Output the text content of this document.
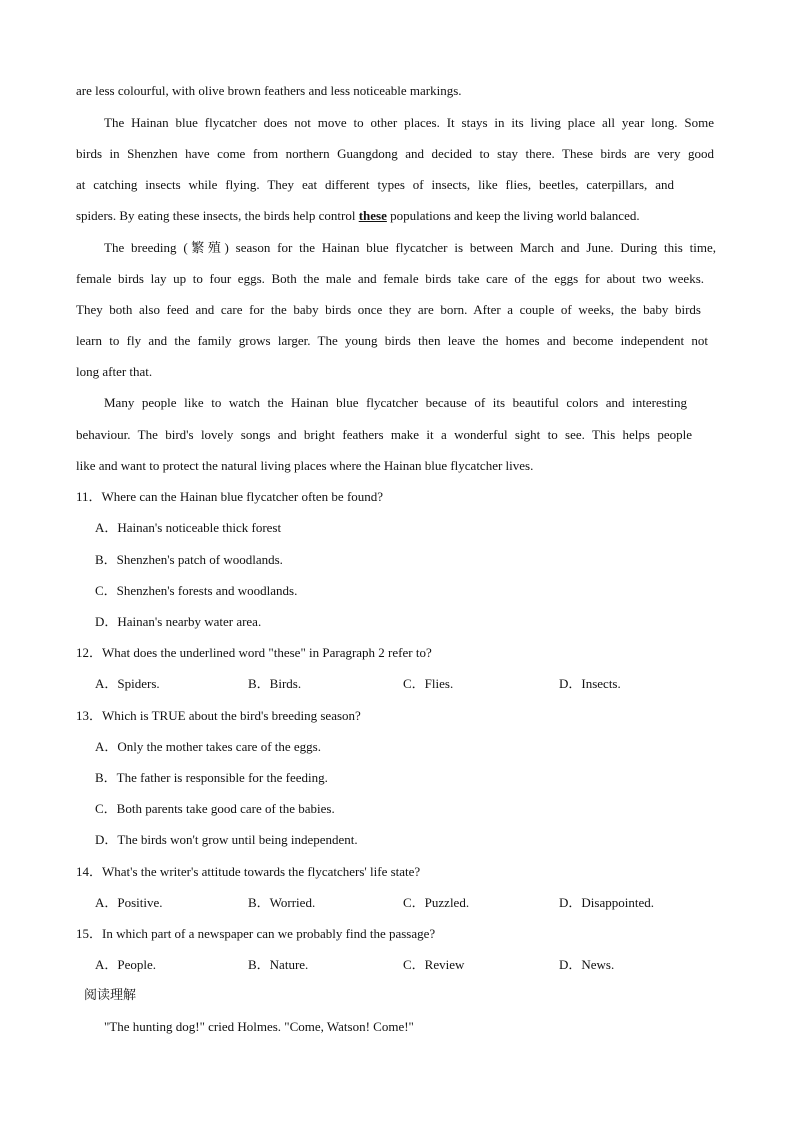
are less colourful, with olive brown feathers and less noticeable markings.
The Hainan blue flycatcher does not move to other places. It stays in its living place all year long. Some
birds in Shenzhen have come from northern Guangdong and decided to stay there. These birds are very good
at catching insects while flying. They eat different types of insects, like flies, beetles, caterpillars, and
spiders. By eating these insects, the birds help control these populations and keep the living world balanced.
The breeding (繁殖) season for the Hainan blue flycatcher is between March and June. During this time,
female birds lay up to four eggs. Both the male and female birds take care of the eggs for about two weeks.
They both also feed and care for the baby birds once they are born. After a couple of weeks, the baby birds
learn to fly and the family grows larger. The young birds then leave the homes and become independent not
long after that.
Many people like to watch the Hainan blue flycatcher because of its beautiful colors and interesting
behaviour. The bird's lovely songs and bright feathers make it a wonderful sight to see. This helps people
like and want to protect the natural living places where the Hainan blue flycatcher lives.
11．Where can the Hainan blue flycatcher often be found?
A．Hainan's noticeable thick forest
B．Shenzhen's patch of woodlands.
C．Shenzhen's forests and woodlands.
D．Hainan's nearby water area.
12．What does the underlined word "these" in Paragraph 2 refer to?
A．Spiders.	B．Birds.	C．Flies.	D．Insects.
13．Which is TRUE about the bird's breeding season?
A．Only the mother takes care of the eggs.
B．The father is responsible for the feeding.
C．Both parents take good care of the babies.
D．The birds won't grow until being independent.
14．What's the writer's attitude towards the flycatchers' life state?
A．Positive.	B．Worried.	C．Puzzled.	D．Disappointed.
15．In which part of a newspaper can we probably find the passage?
A．People.	B．Nature.	C．Review	D．News.
阅读理解
"The hunting dog!" cried Holmes. "Come, Watson! Come!"
